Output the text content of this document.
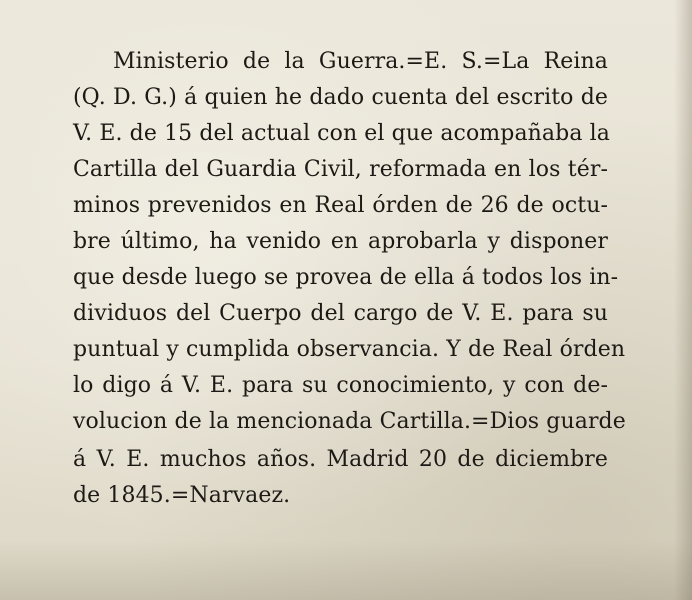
Ministerio de la Guerra.=E. S.=La Reina
(Q. D. G.) á quien he dado cuenta del escrito de
V. E. de 15 del actual con el que acompañaba la
Cartilla del Guardia Civil, reformada en los tér-
minos prevenidos en Real órden de 26 de octu-
bre último, ha venido en aprobarla y disponer
que desde luego se provea de ella á todos los in-
dividuos del Cuerpo del cargo de V. E. para su
puntual y cumplida observancia. Y de Real órden
lo digo á V. E. para su conocimiento, y con de-
volucion de la mencionada Cartilla.=Dios guarde
á V. E. muchos años. Madrid 20 de diciembre
de 1845.=Narvaez.
